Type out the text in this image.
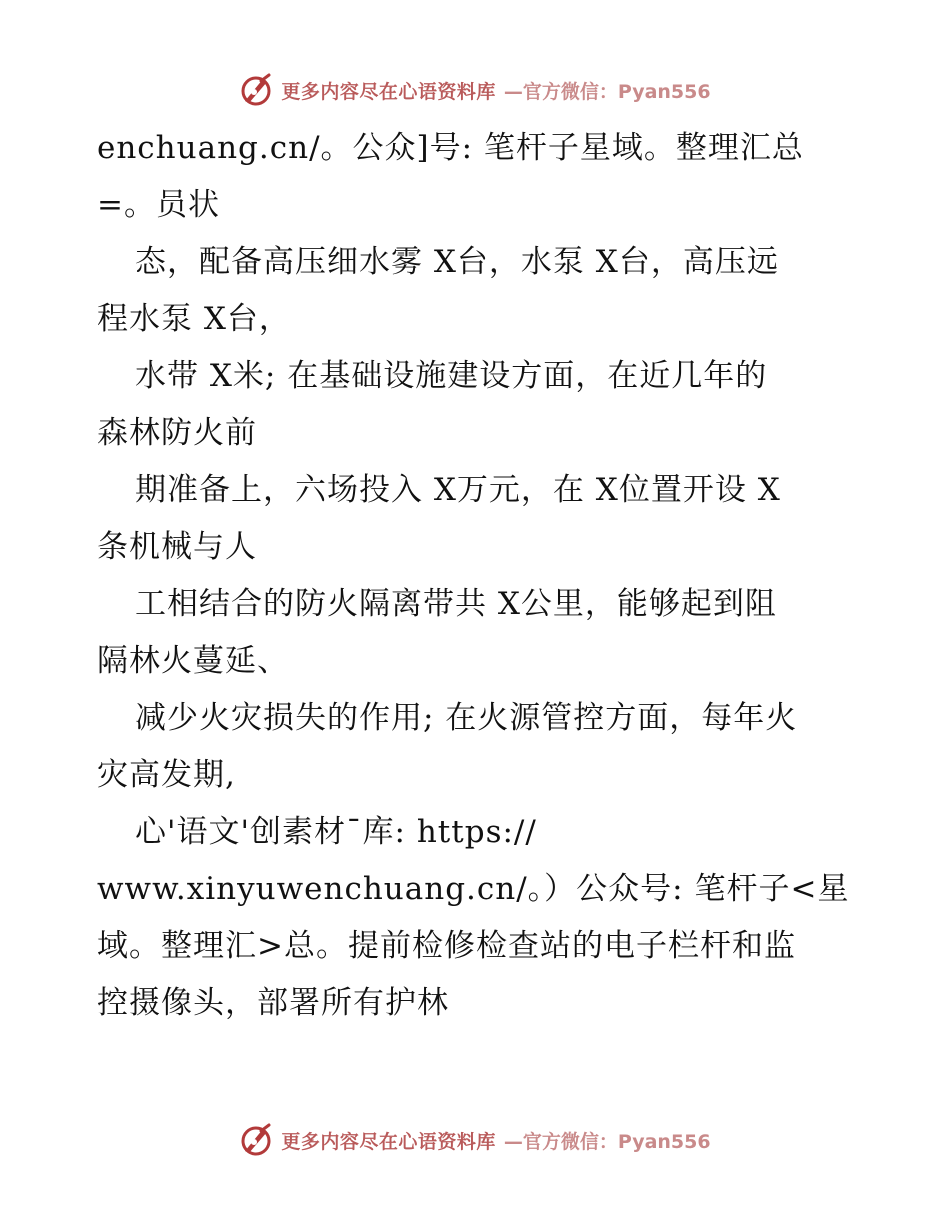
更多内容尽在心语资料库 —官方微信：Pyan556
enchuang.cn/。公众]号: 笔杆子星域。整理汇总
=。员状
态，配备高压细水雾 X台，水泵 X台，高压远
程水泵 X台，
水带 X米; 在基础设施建设方面，在近几年的
森林防火前
期准备上，六场投入 X万元，在 X位置开设 X
条机械与人
工相结合的防火隔离带共 X公里，能够起到阻
隔林火蔓延、
减少火灾损失的作用; 在火源管控方面，每年火
灾高发期,
心'语文'创素材¯库: https://
www.xinyuwenchuang.cn/。）公众号: 笔杆子<星
域。整理汇>总。提前检修检查站的电子栏杆和监
控摄像头，部署所有护林
更多内容尽在心语资料库 —官方微信：Pyan556
